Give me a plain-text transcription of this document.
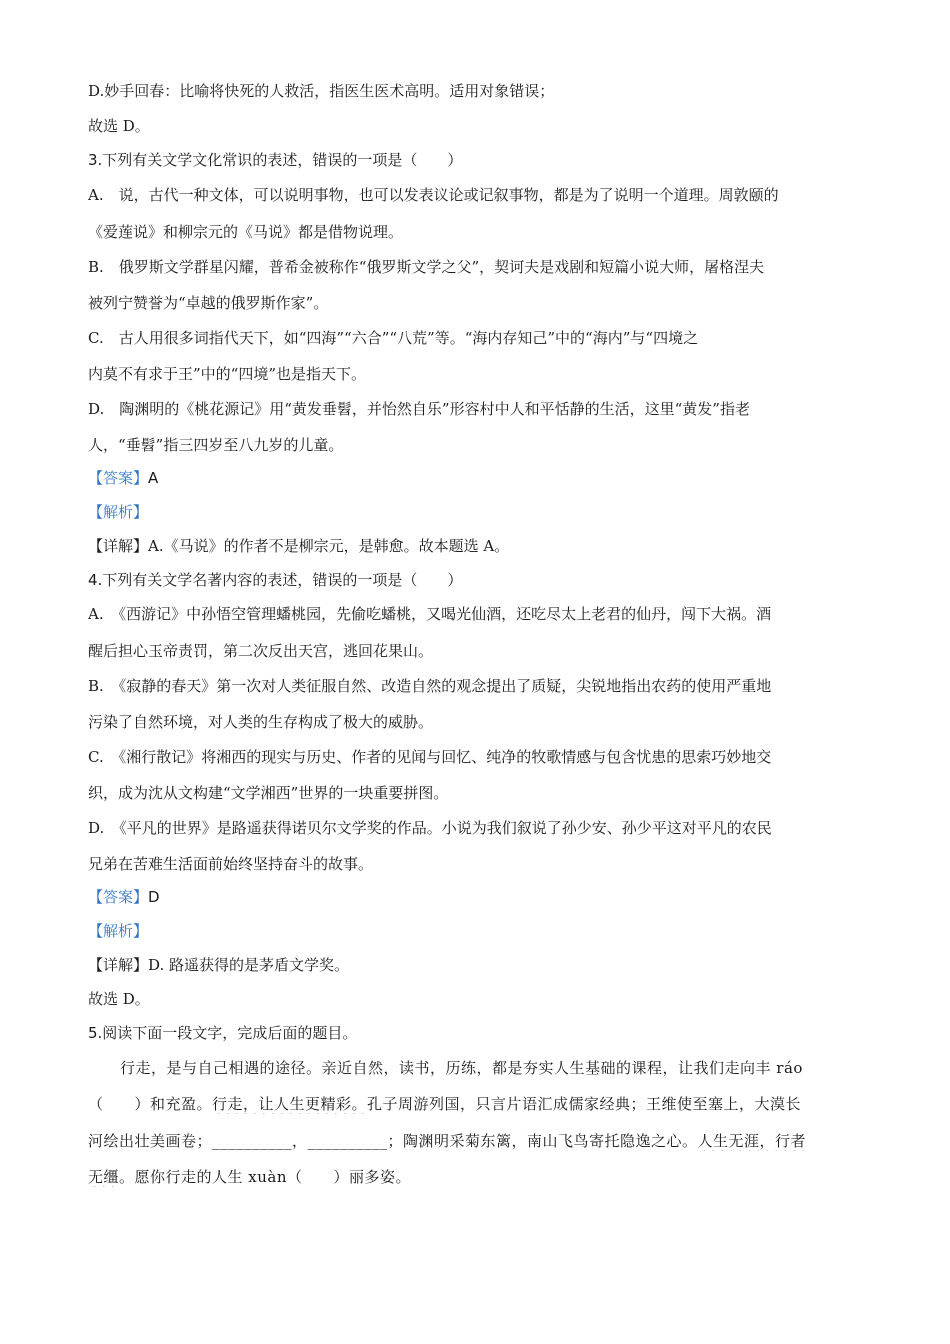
D.妙手回春：比喻将快死的人救活，指医生医术高明。适用对象错误；
故选 D。
3.下列有关文学文化常识的表述，错误的一项是（　　）
A.　说，古代一种文体，可以说明事物，也可以发表议论或记叙事物，都是为了说明一个道理。周敦颐的
《爱莲说》和柳宗元的《马说》都是借物说理。
B.　俄罗斯文学群星闪耀，普希金被称作“俄罗斯文学之父”，契诃夫是戏剧和短篇小说大师，屠格涅夫
被列宁赞誉为“卓越的俄罗斯作家”。
C.　古人用很多词指代天下，如“四海”“六合”“八荒”等。“海内存知己”中的“海内”与“四境之
内莫不有求于王”中的“四境”也是指天下。
D.　陶渊明的《桃花源记》用“黄发垂髫，并怡然自乐”形容村中人和平恬静的生活，这里“黄发”指老
人，“垂髫”指三四岁至八九岁的儿童。
【答案】A
【解析】
【详解】A.《马说》的作者不是柳宗元，是韩愈。故本题选 A。
4.下列有关文学名著内容的表述，错误的一项是（　　）
A.　《西游记》中孙悟空管理蟠桃园，先偷吃蟠桃，又喝光仙酒，还吃尽太上老君的仙丹，闯下大祸。酒
醒后担心玉帝责罚，第二次反出天宫，逃回花果山。
B.　《寂静的春天》第一次对人类征服自然、改造自然的观念提出了质疑，尖锐地指出农药的使用严重地
污染了自然环境，对人类的生存构成了极大的威胁。
C.　《湘行散记》将湘西的现实与历史、作者的见闻与回忆、纯净的牧歌情感与包含忧患的思索巧妙地交
织，成为沈从文构建“文学湘西”世界的一块重要拼图。
D.　《平凡的世界》是路遥获得诺贝尔文学奖的作品。小说为我们叙说了孙少安、孙少平这对平凡的农民
兄弟在苦难生活面前始终坚持奋斗的故事。
【答案】D
【解析】
【详解】D. 路遥获得的是茅盾文学奖。
故选 D。
5.阅读下面一段文字，完成后面的题目。
行走，是与自己相遇的途径。亲近自然，读书，历练，都是夯实人生基础的课程，让我们走向丰 ráo
（　　）和充盈。行走，让人生更精彩。孔子周游列国，只言片语汇成儒家经典；王维使至塞上，大漠长
河绘出壮美画卷；__________，__________；陶渊明采菊东篱，南山飞鸟寄托隐逸之心。人生无涯，行者
无缰。愿你行走的人生 xuàn（　　）丽多姿。
